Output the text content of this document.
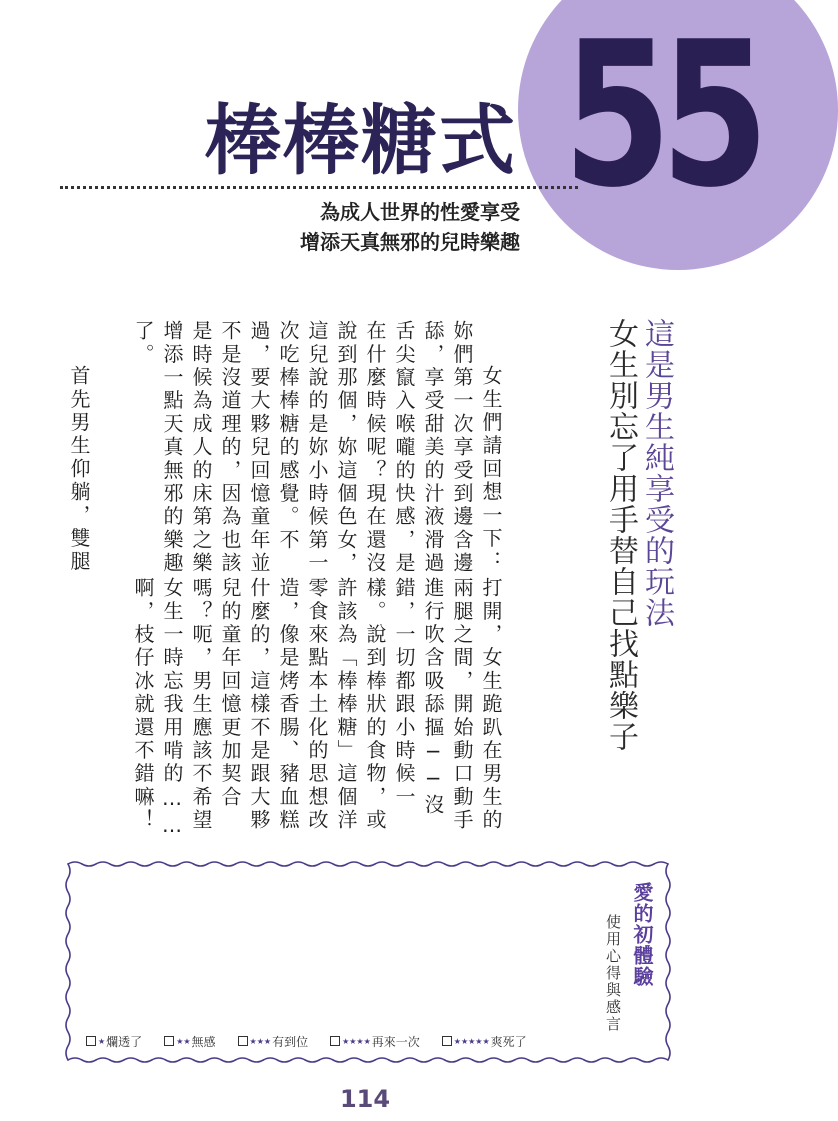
55
棒棒糖式
為成人世界的性愛享受
增添天真無邪的兒時樂趣
這是男生純享受的玩法
女生別忘了用手替自己找點樂子
女生們請回想一下：
妳們第一次享受到邊含邊
舔，享受甜美的汁液滑過
舌尖竄入喉嚨的快感，是
在什麼時候呢？現在還沒
說到那個，妳這個色女，
這兒說的是妳小時候第一
次吃棒棒糖的感覺。不
過，要大夥兒回憶童年並
不是沒道理的，因為也該
是時候為成人的床第之樂
增添一點天真無邪的樂趣
了。
首先男生仰躺，雙腿
打開，女生跪趴在男生的
兩腿之間，開始動口動手
進行吹含吸舔摳──沒
錯，一切都跟小時候一
樣。說到棒狀的食物，或
許該為「棒棒糖」這個洋
零食來點本土化的思想改
造，像是烤香腸、豬血糕
什麼的，這樣不是跟大夥
兒的童年回憶更加契合
嗎？呃，男生應該不希望
女生一時忘我用啃的……
啊，枝仔冰就還不錯嘛！
愛的初體驗
使用心得與感言
★ 爛透了	★★ 無感	★★★ 有到位	★★★★ 再來一次	★★★★★ 爽死了
114
